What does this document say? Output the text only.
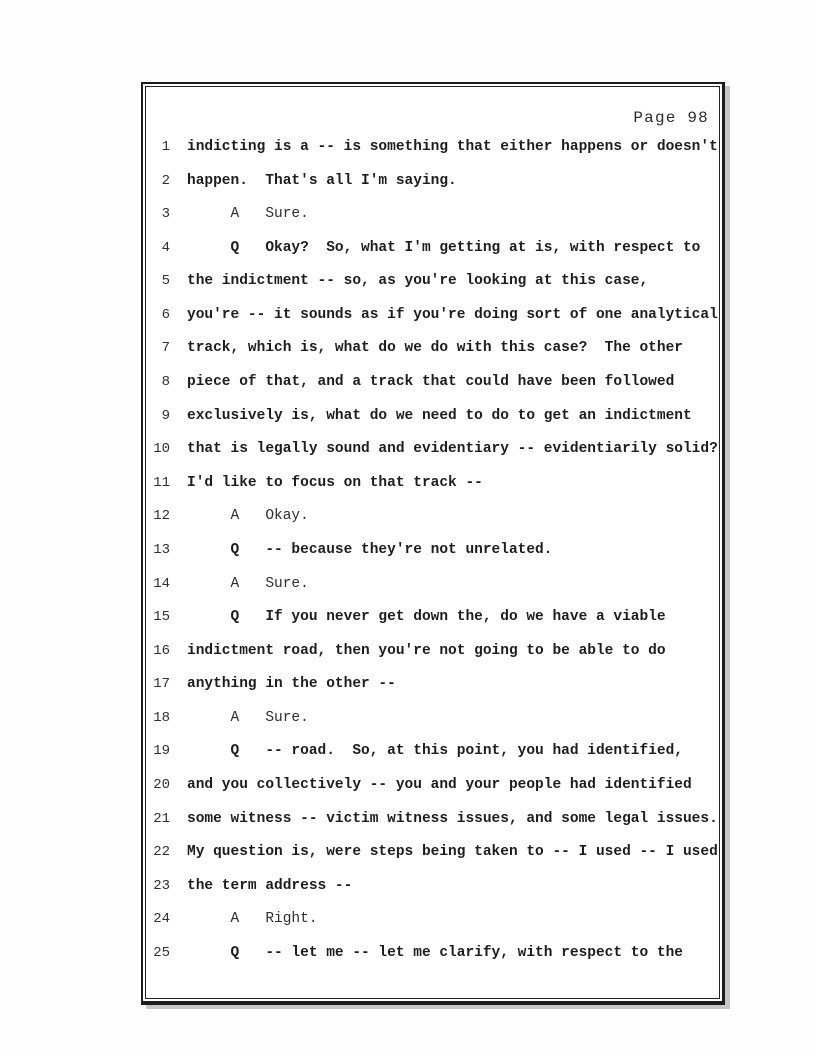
Page 98
1 indicting is a -- is something that either happens or doesn't
2 happen.  That's all I'm saying.
3     A   Sure.
4     Q   Okay?  So, what I'm getting at is, with respect to
5 the indictment -- so, as you're looking at this case,
6 you're -- it sounds as if you're doing sort of one analytical
7 track, which is, what do we do with this case?  The other
8 piece of that, and a track that could have been followed
9 exclusively is, what do we need to do to get an indictment
10 that is legally sound and evidentiary -- evidentiarily solid?
11 I'd like to focus on that track --
12     A   Okay.
13     Q   -- because they're not unrelated.
14     A   Sure.
15     Q   If you never get down the, do we have a viable
16 indictment road, then you're not going to be able to do
17 anything in the other --
18     A   Sure.
19     Q   -- road.  So, at this point, you had identified,
20 and you collectively -- you and your people had identified
21 some witness -- victim witness issues, and some legal issues.
22 My question is, were steps being taken to -- I used -- I used
23 the term address --
24     A   Right.
25     Q   -- let me -- let me clarify, with respect to the
